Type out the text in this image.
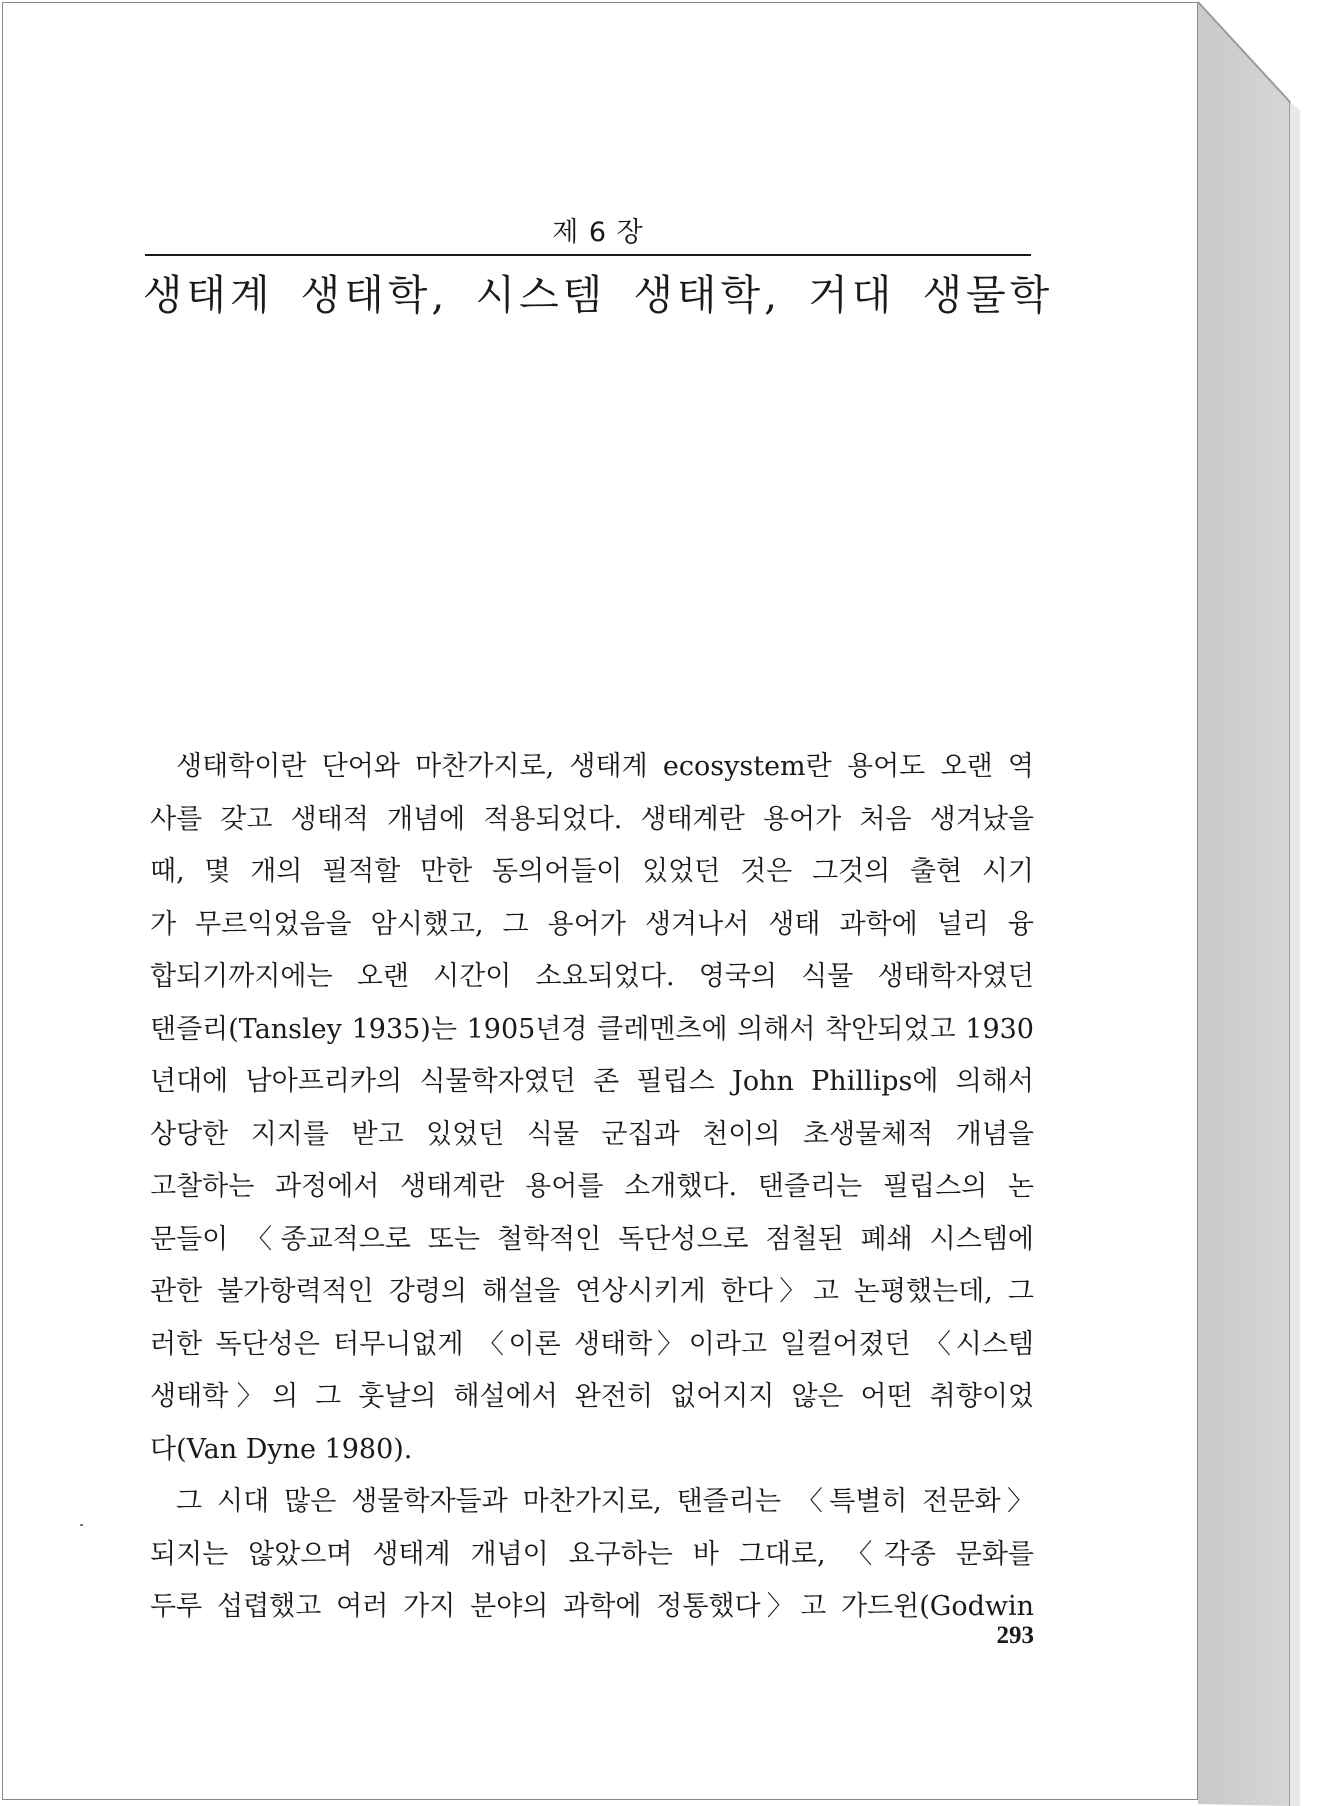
제 6 장
생태계 생태학, 시스템 생태학, 거대 생물학
생태학이란 단어와 마찬가지로, 생태계 ecosystem란 용어도 오랜 역
사를 갖고 생태적 개념에 적용되었다. 생태계란 용어가 처음 생겨났을
때, 몇 개의 필적할 만한 동의어들이 있었던 것은 그것의 출현 시기
가 무르익었음을 암시했고, 그 용어가 생겨나서 생태 과학에 널리 융
합되기까지에는 오랜 시간이 소요되었다. 영국의 식물 생태학자였던
탠즐리(Tansley 1935)는 1905년경 클레멘츠에 의해서 착안되었고 1930
년대에 남아프리카의 식물학자였던 존 필립스 John Phillips에 의해서
상당한 지지를 받고 있었던 식물 군집과 천이의 초생물체적 개념을
고찰하는 과정에서 생태계란 용어를 소개했다. 탠즐리는 필립스의 논
문들이 〈종교적으로 또는 철학적인 독단성으로 점철된 폐쇄 시스템에
관한 불가항력적인 강령의 해설을 연상시키게 한다〉고 논평했는데, 그
러한 독단성은 터무니없게 〈이론 생태학〉이라고 일컬어졌던 〈시스템
생태학〉의 그 훗날의 해설에서 완전히 없어지지 않은 어떤 취향이었
다(Van Dyne 1980).
그 시대 많은 생물학자들과 마찬가지로, 탠즐리는 〈특별히 전문화〉
되지는 않았으며 생태계 개념이 요구하는 바 그대로, 〈각종 문화를
두루 섭렵했고 여러 가지 분야의 과학에 정통했다〉고 가드윈(Godwin
293
